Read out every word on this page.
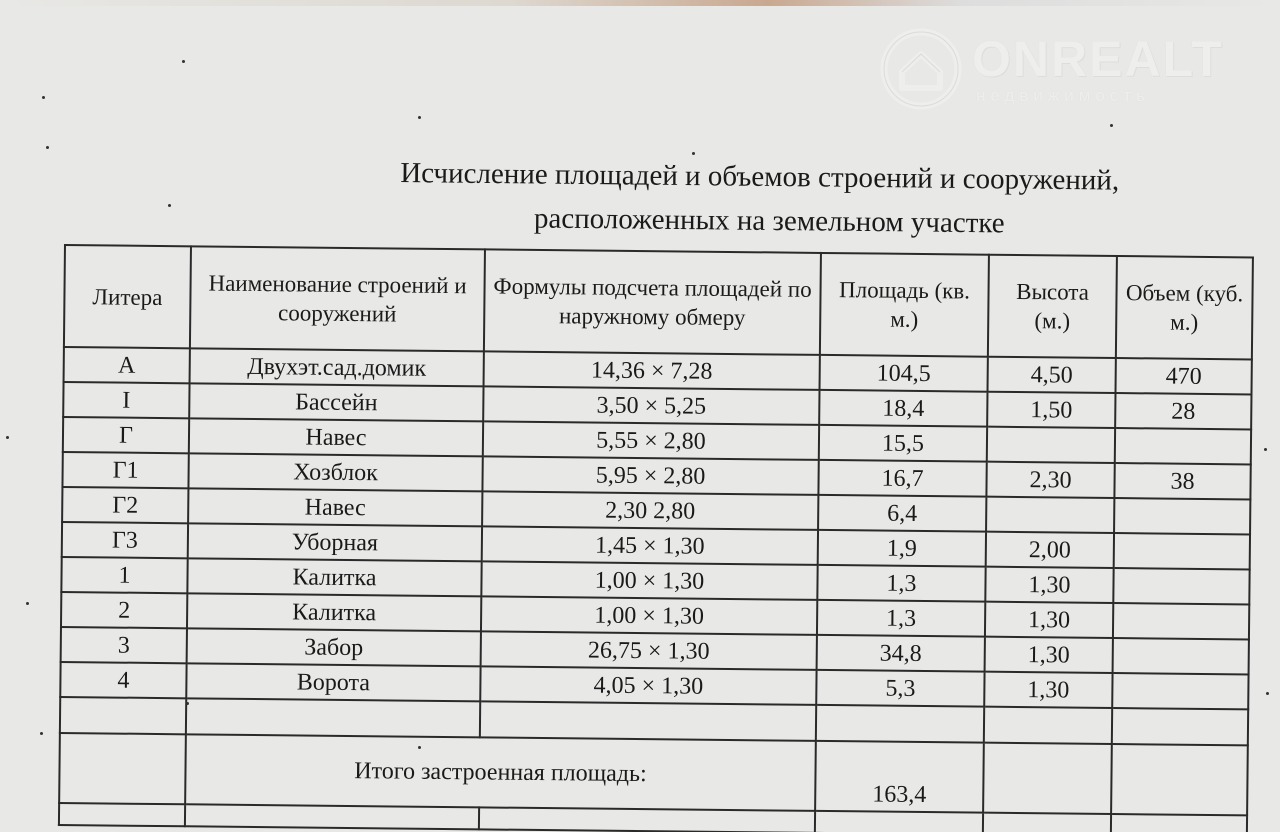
ONREALT
недвижимость
Исчисление площадей и объемов строений и сооружений,
расположенных на земельном участке
Литера	Наименование строений и сооружений	Формулы подсчета площадей по наружному обмеру	Площадь (кв. м.)	Высота (м.)	Объем (куб. м.)
А	Двухэт.сад.домик	14,36 × 7,28	104,5	4,50	470
I	Бассейн	3,50 × 5,25	18,4	1,50	28
Г	Навес	5,55 × 2,80	15,5		
Г1	Хозблок	5,95 × 2,80	16,7	2,30	38
Г2	Навес	2,30 2,80	6,4		
Г3	Уборная	1,45 × 1,30	1,9	2,00	
1	Калитка	1,00 × 1,30	1,3	1,30	
2	Калитка	1,00 × 1,30	1,3	1,30	
3	Забор	26,75 × 1,30	34,8	1,30	
4	Ворота	4,05 × 1,30	5,3	1,30	

	Итого застроенная площадь:		163,4		
